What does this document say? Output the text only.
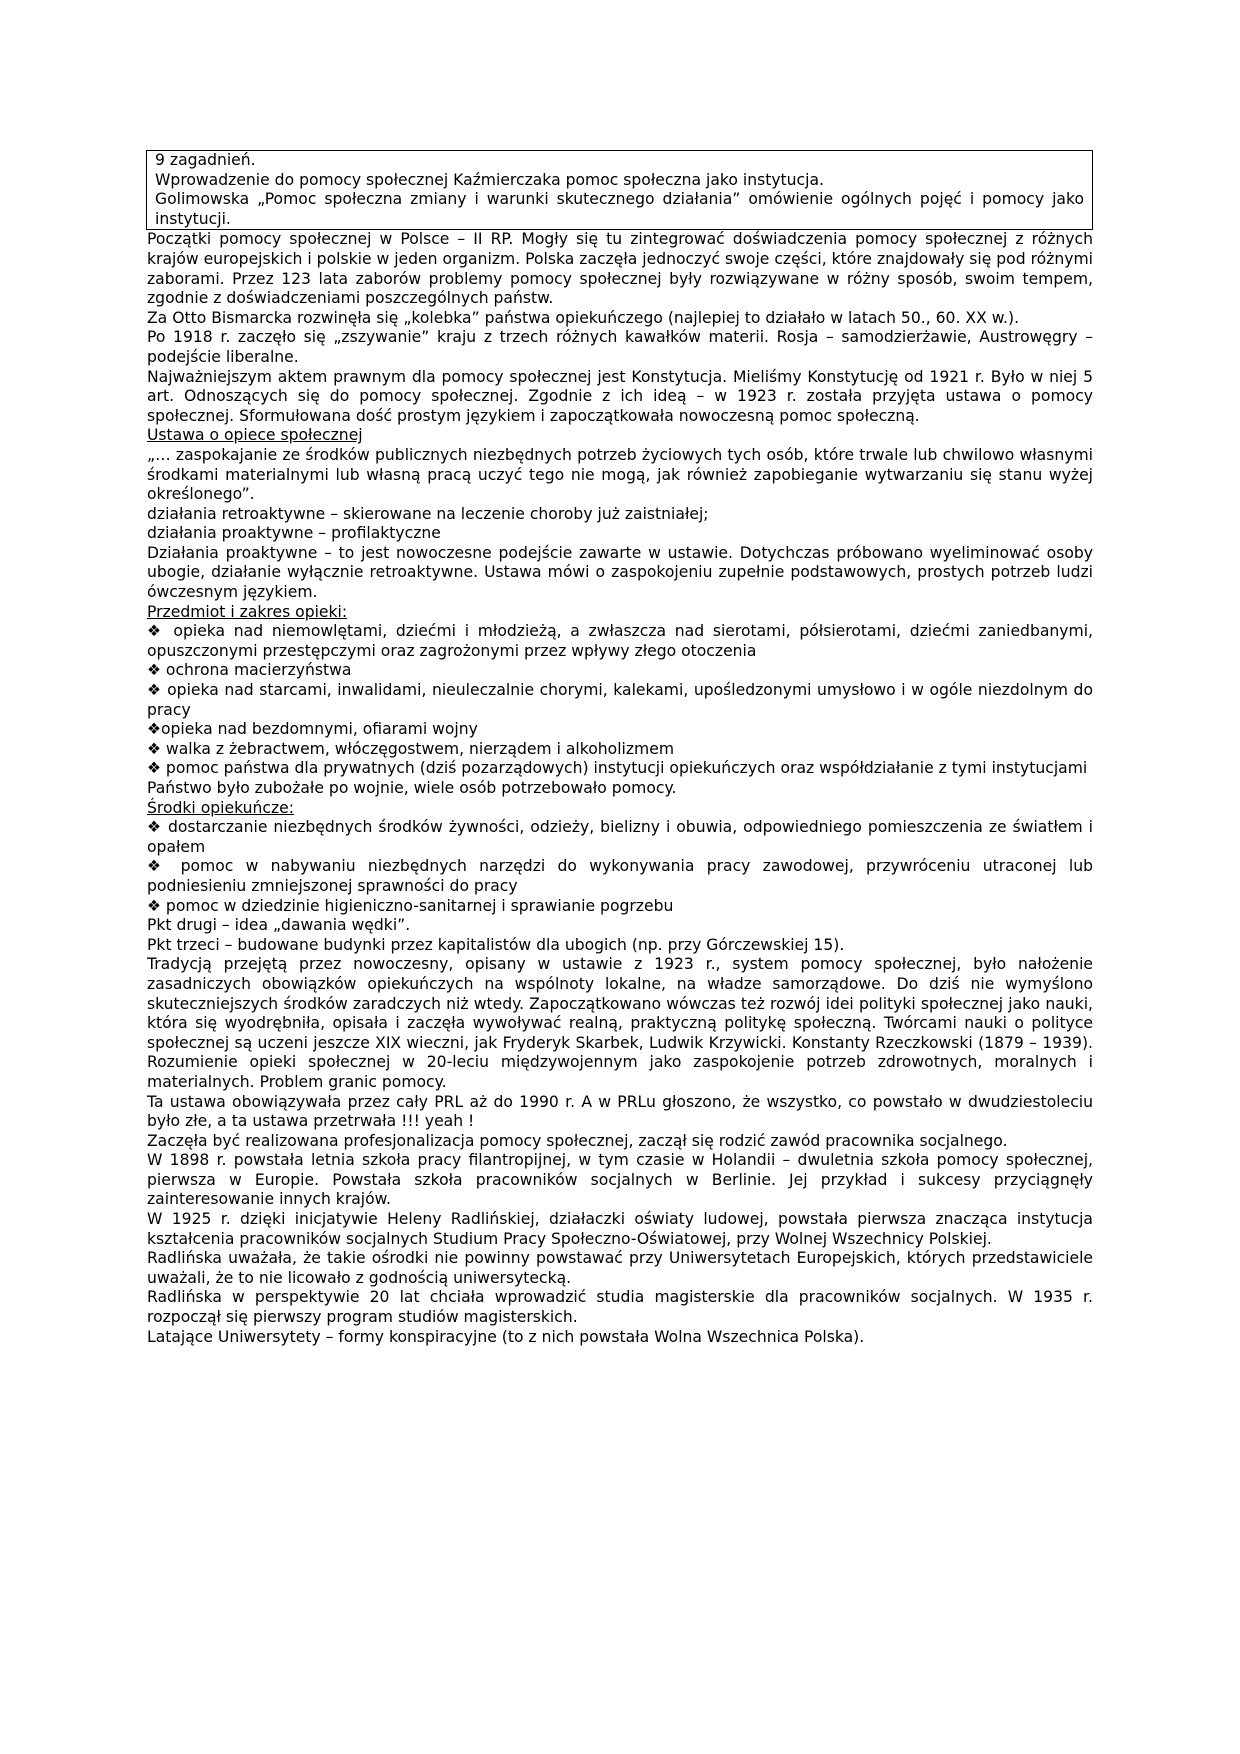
9 zagadnień.

Wprowadzenie do pomocy społecznej Kaźmierczaka pomoc społeczna jako instytucja.

Golimowska „Pomoc społeczna zmiany i warunki skutecznego działania” omówienie ogólnych pojęć i pomocy jako instytucji.

Początki pomocy społecznej w Polsce – II RP. Mogły się tu zintegrować doświadczenia pomocy społecznej z różnych krajów europejskich i polskie w jeden organizm. Polska zaczęła jednoczyć swoje części, które znajdowały się pod różnymi zaborami. Przez 123 lata zaborów problemy pomocy społecznej były rozwiązywane w różny sposób, swoim tempem, zgodnie z doświadczeniami poszczególnych państw.

Za Otto Bismarcka rozwinęła się „kolebka” państwa opiekuńczego (najlepiej to działało w latach 50., 60. XX w.).

Po 1918 r. zaczęło się „zszywanie” kraju z trzech różnych kawałków materii. Rosja – samodzierżawie, Austrowęgry – podejście liberalne.

Najważniejszym aktem prawnym dla pomocy społecznej jest Konstytucja. Mieliśmy Konstytucję od 1921 r. Było w niej 5 art. Odnoszących się do pomocy społecznej. Zgodnie z ich ideą – w 1923 r. została przyjęta ustawa o pomocy społecznej. Sformułowana dość prostym językiem i zapoczątkowała nowoczesną pomoc społeczną.

Ustawa o opiece społecznej

„… zaspokajanie ze środków publicznych niezbędnych potrzeb życiowych tych osób, które trwale lub chwilowo własnymi środkami materialnymi lub własną pracą uczyć tego nie mogą, jak również zapobieganie wytwarzaniu się stanu wyżej określonego”.

działania retroaktywne – skierowane na leczenie choroby już zaistniałej;

działania proaktywne – profilaktyczne

Działania proaktywne – to jest nowoczesne podejście zawarte w ustawie. Dotychczas próbowano wyeliminować osoby ubogie, działanie wyłącznie retroaktywne. Ustawa mówi o zaspokojeniu zupełnie podstawowych, prostych potrzeb ludzi ówczesnym językiem.

Przedmiot i zakres opieki:

❖ opieka nad niemowlętami, dziećmi i młodzieżą, a zwłaszcza nad sierotami, półsierotami, dziećmi zaniedbanymi, opuszczonymi przestępczymi oraz zagrożonymi przez wpływy złego otoczenia

❖ ochrona macierzyństwa

❖ opieka nad starcami, inwalidami, nieuleczalnie chorymi, kalekami, upośledzonymi umysłowo i w ogóle niezdolnym do pracy

❖opieka nad bezdomnymi, ofiarami wojny

❖ walka z żebractwem, włóczęgostwem, nierządem i alkoholizmem

❖ pomoc państwa dla prywatnych (dziś pozarządowych) instytucji opiekuńczych oraz współdziałanie z tymi instytucjami

Państwo było zubożałe po wojnie, wiele osób potrzebowało pomocy.

Środki opiekuńcze:

❖ dostarczanie niezbędnych środków żywności, odzieży, bielizny i obuwia, odpowiedniego pomieszczenia ze światłem i opałem

❖ pomoc w nabywaniu niezbędnych narzędzi do wykonywania pracy zawodowej, przywróceniu utraconej lub podniesieniu zmniejszonej sprawności do pracy

❖ pomoc w dziedzinie higieniczno-sanitarnej i sprawianie pogrzebu

Pkt drugi – idea „dawania wędki”.

Pkt trzeci – budowane budynki przez kapitalistów dla ubogich (np. przy Górczewskiej 15).

Tradycją przejętą przez nowoczesny, opisany w ustawie z 1923 r., system pomocy społecznej, było nałożenie zasadniczych obowiązków opiekuńczych na wspólnoty lokalne, na władze samorządowe. Do dziś nie wymyślono skuteczniejszych środków zaradczych niż wtedy. Zapoczątkowano wówczas też rozwój idei polityki społecznej jako nauki, która się wyodrębniła, opisała i zaczęła wywoływać realną, praktyczną politykę społeczną. Twórcami nauki o polityce społecznej są uczeni jeszcze XIX wieczni, jak Fryderyk Skarbek, Ludwik Krzywicki. Konstanty Rzeczkowski (1879 – 1939). Rozumienie opieki społecznej w 20-leciu międzywojennym jako zaspokojenie potrzeb zdrowotnych, moralnych i materialnych. Problem granic pomocy.

Ta ustawa obowiązywała przez cały PRL aż do 1990 r. A w PRLu głoszono, że wszystko, co powstało w dwudziestoleciu było złe, a ta ustawa przetrwała !!! yeah !

Zaczęła być realizowana profesjonalizacja pomocy społecznej, zaczął się rodzić zawód pracownika socjalnego.

W 1898 r. powstała letnia szkoła pracy filantropijnej, w tym czasie w Holandii – dwuletnia szkoła pomocy społecznej, pierwsza w Europie. Powstała szkoła pracowników socjalnych w Berlinie. Jej przykład i sukcesy przyciągnęły zainteresowanie innych krajów.

W 1925 r. dzięki inicjatywie Heleny Radlińskiej, działaczki oświaty ludowej, powstała pierwsza znacząca instytucja kształcenia pracowników socjalnych Studium Pracy Społeczno-Oświatowej, przy Wolnej Wszechnicy Polskiej.

Radlińska uważała, że takie ośrodki nie powinny powstawać przy Uniwersytetach Europejskich, których przedstawiciele uważali, że to nie licowało z godnością uniwersytecką.

Radlińska w perspektywie 20 lat chciała wprowadzić studia magisterskie dla pracowników socjalnych. W 1935 r. rozpoczął się pierwszy program studiów magisterskich.

Latające Uniwersytety – formy konspiracyjne (to z nich powstała Wolna Wszechnica Polska).
